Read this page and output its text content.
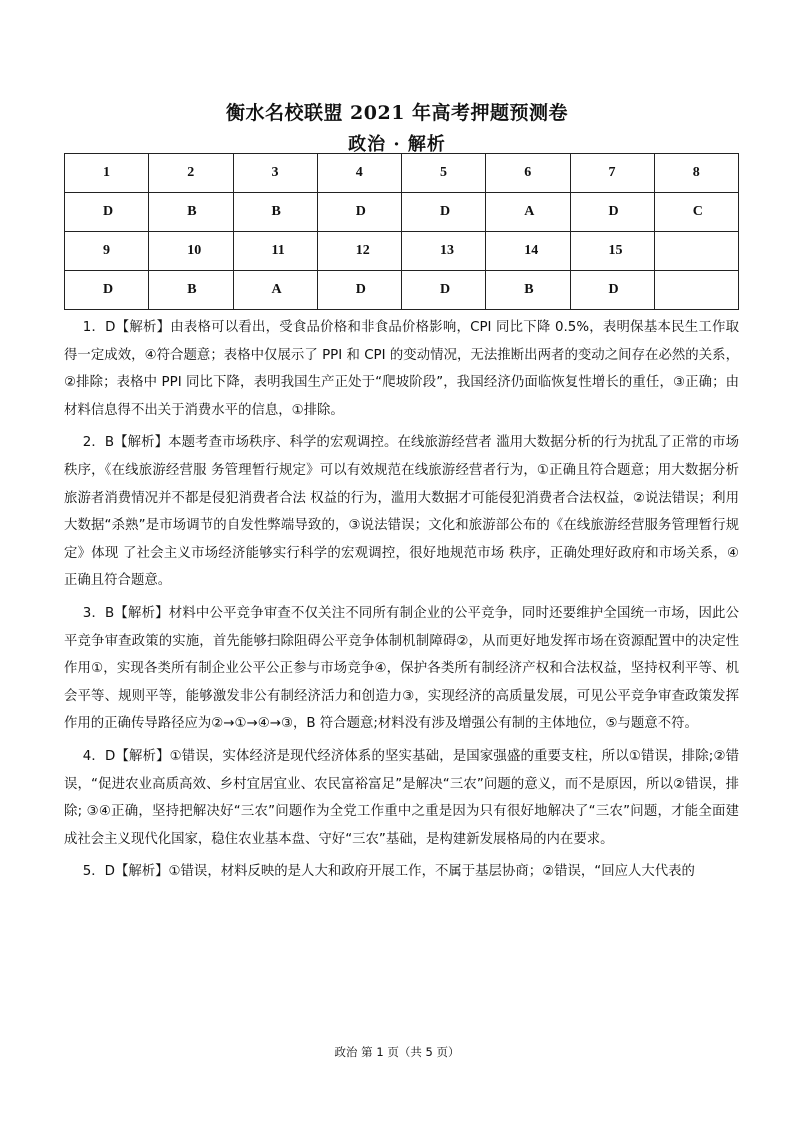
衡水名校联盟 2021 年高考押题预测卷
政治 · 解析
1	2	3	4	5	6	7	8
D	B	B	D	D	A	D	C
9	10	11	12	13	14	15	
D	B	A	D	D	B	D	

1．D【解析】由表格可以看出，受食品价格和非食品价格影响，CPI 同比下降 0.5%，表明保基本民生工作取得一定成效，④符合题意；表格中仅展示了 PPI 和 CPI 的变动情况，无法推断出两者的变动之间存在必然的关系，②排除；表格中 PPI 同比下降，表明我国生产正处于“爬坡阶段”，我国经济仍面临恢复性增长的重任，③正确；由材料信息得不出关于消费水平的信息，①排除。

2．B【解析】本题考查市场秩序、科学的宏观调控。在线旅游经营者 滥用大数据分析的行为扰乱了正常的市场秩序，《在线旅游经营服 务管理暂行规定》可以有效规范在线旅游经营者行为，①正确且符合题意；用大数据分析旅游者消费情况并不都是侵犯消费者合法 权益的行为，滥用大数据才可能侵犯消费者合法权益，②说法错误；利用大数据“杀熟”是市场调节的自发性弊端导致的，③说法错误；文化和旅游部公布的《在线旅游经营服务管理暂行规定》体现 了社会主义市场经济能够实行科学的宏观调控，很好地规范市场 秩序，正确处理好政府和市场关系，④正确且符合题意。

3．B【解析】材料中公平竞争审查不仅关注不同所有制企业的公平竞争，同时还要维护全国统一市场，因此公平竞争审查政策的实施，首先能够扫除阻碍公平竞争体制机制障碍②，从而更好地发挥市场在资源配置中的决定性作用①，实现各类所有制企业公平公正参与市场竞争④，保护各类所有制经济产权和合法权益，坚持权利平等、机会平等、规则平等，能够激发非公有制经济活力和创造力③，实现经济的高质量发展，可见公平竞争审查政策发挥作用的正确传导路径应为②→①→④→③，B 符合题意;材料没有涉及增强公有制的主体地位，⑤与题意不符。

4．D【解析】①错误，实体经济是现代经济体系的坚实基础，是国家强盛的重要支柱，所以①错误，排除;②错误，“促进农业高质高效、乡村宜居宜业、农民富裕富足”是解决“三农”问题的意义，而不是原因，所以②错误，排除; ③④正确，坚持把解决好“三农”问题作为全党工作重中之重是因为只有很好地解决了“三农”问题，才能全面建成社会主义现代化国家，稳住农业基本盘、守好“三农”基础，是构建新发展格局的内在要求。

5．D【解析】①错误，材料反映的是人大和政府开展工作，不属于基层协商；②错误，“回应人大代表的

政治 第 1 页（共 5 页）
